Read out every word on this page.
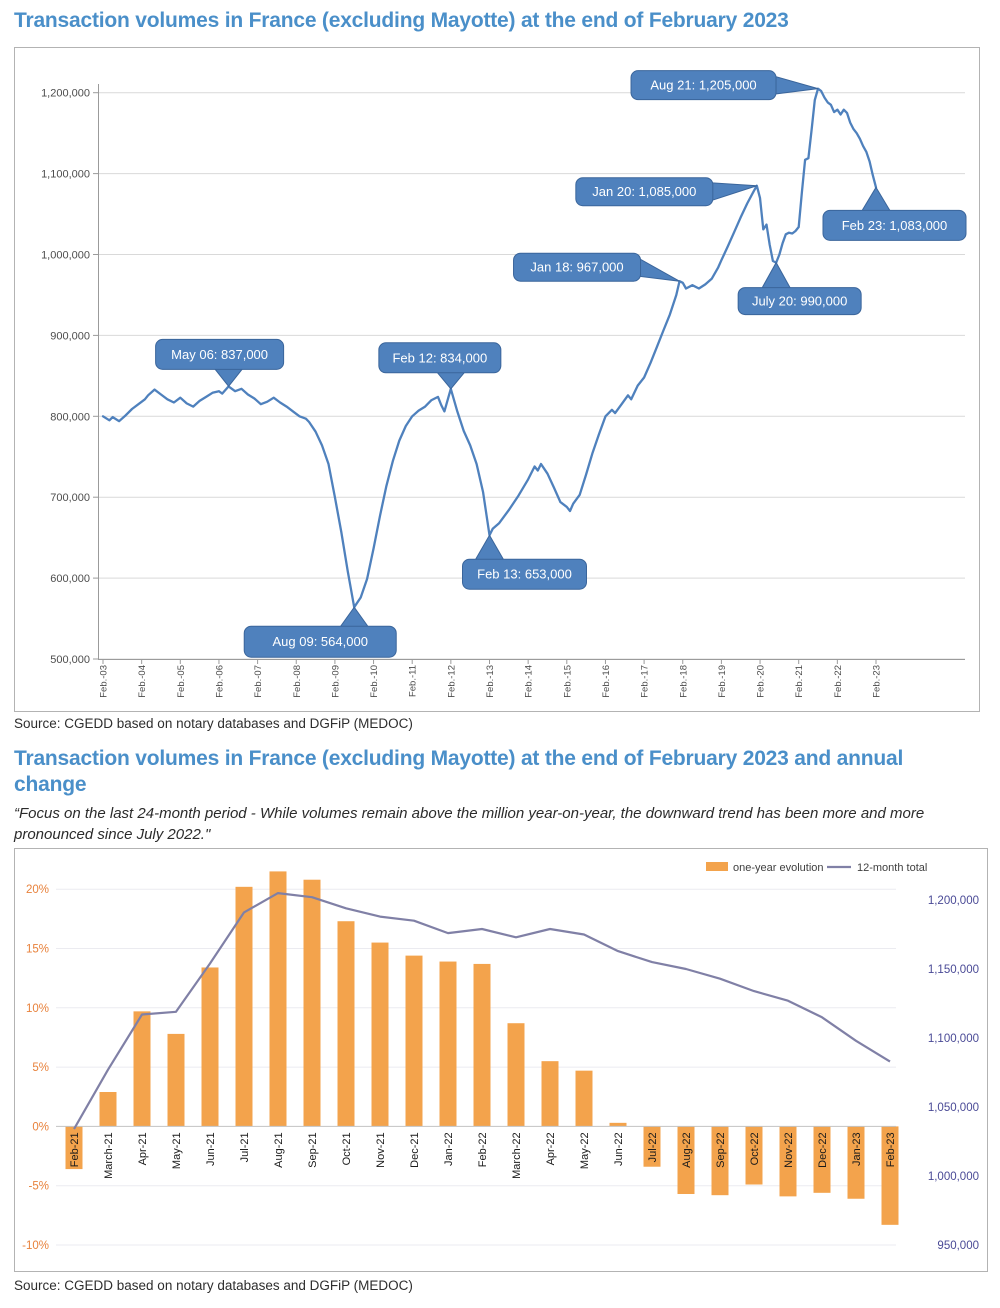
Transaction volumes in France (excluding Mayotte) at the end of February 2023
500,000
600,000
700,000
800,000
900,000
1,000,000
1,100,000
1,200,000
Feb.-03	Feb.-04	Feb.-05	Feb.-06	Feb.-07	Feb.-08	Feb.-09	Feb.-10	Feb.-11	Feb.-12	Feb.-13	Feb.-14	Feb.-15	Feb.-16	Feb.-17	Feb.-18	Feb.-19	Feb.-20	Feb.-21	Feb.-22	Feb.-23
May 06: 837,000	Feb 12: 834,000
Aug 09: 564,000
Feb 13: 653,000
Jan 18: 967,000
Jan 20: 1,085,000
Aug 21: 1,205,000
July 20: 990,000
Feb 23: 1,083,000

Source: CGEDD based on notary databases and DGFiP (MEDOC)

Transaction volumes in France (excluding Mayotte) at the end of February 2023 and annual change

“Focus on the last 24-month period - While volumes remain above the million year-on-year, the downward trend has been more and more pronounced since July 2022."

20%
15%
10%
5%
0%
-5%
-10%
Feb-21 March-21 Apr-21 May-21 Jun-21 Jul-21 Aug-21 Sep-21 Oct-21 Nov-21 Dec-21 Jan-22 Feb-22 March-22 Apr-22 May-22 Jun-22 Jul-22 Aug-22 Sep-22 Oct-22 Nov-22 Dec-22 Jan-23 Feb-23
1,200,000
1,150,000
1,100,000
1,050,000
1,000,000
950,000
one-year evolution	12-month total

Source: CGEDD based on notary databases and DGFiP (MEDOC)
